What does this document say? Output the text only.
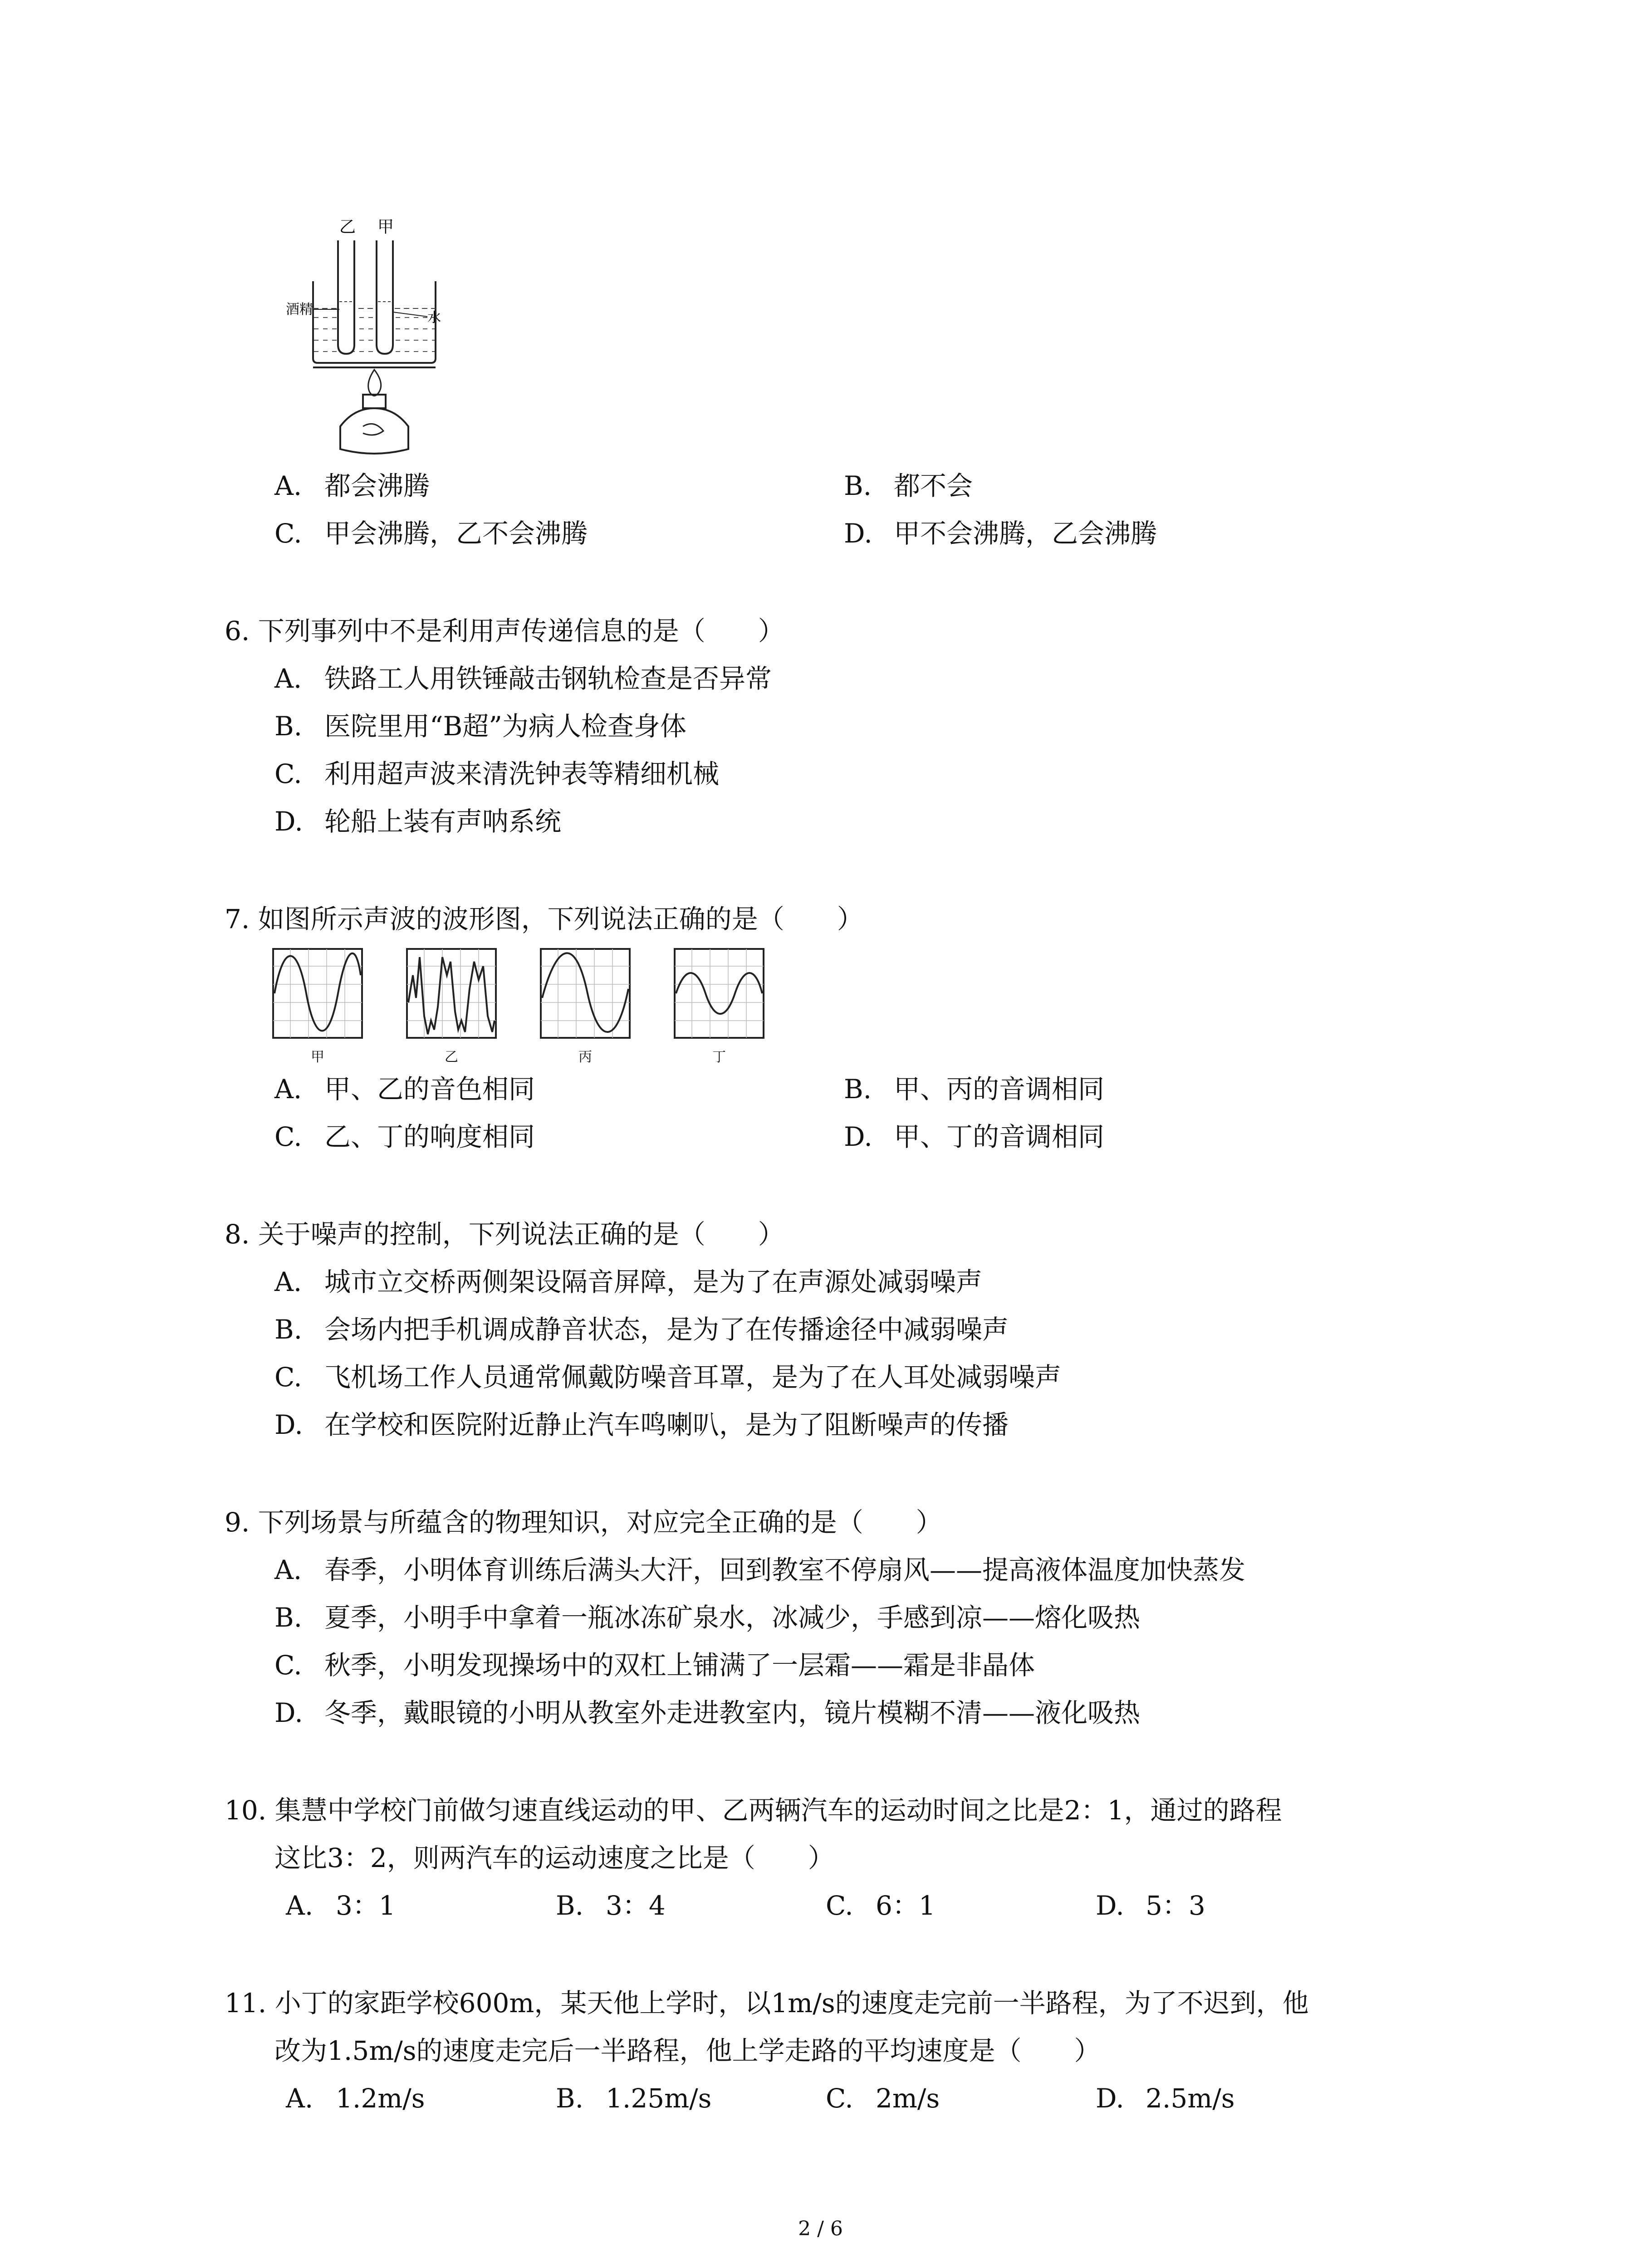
乙 甲
酒精
水
A. 都会沸腾	B. 都不会
C. 甲会沸腾，乙不会沸腾	D. 甲不会沸腾，乙会沸腾
6. 下列事列中不是利用声传递信息的是（　　）
A. 铁路工人用铁锤敲击钢轨检查是否异常
B. 医院里用“B超”为病人检查身体
C. 利用超声波来清洗钟表等精细机械
D. 轮船上装有声呐系统
7. 如图所示声波的波形图，下列说法正确的是（　　）
甲	乙	丙	丁
A. 甲、乙的音色相同	B. 甲、丙的音调相同
C. 乙、丁的响度相同	D. 甲、丁的音调相同
8. 关于噪声的控制，下列说法正确的是（　　）
A. 城市立交桥两侧架设隔音屏障，是为了在声源处减弱噪声
B. 会场内把手机调成静音状态，是为了在传播途径中减弱噪声
C. 飞机场工作人员通常佩戴防噪音耳罩，是为了在人耳处减弱噪声
D. 在学校和医院附近静止汽车鸣喇叭，是为了阻断噪声的传播
9. 下列场景与所蕴含的物理知识，对应完全正确的是（　　）
A. 春季，小明体育训练后满头大汗，回到教室不停扇风——提高液体温度加快蒸发
B. 夏季，小明手中拿着一瓶冰冻矿泉水，冰减少，手感到凉——熔化吸热
C. 秋季，小明发现操场中的双杠上铺满了一层霜——霜是非晶体
D. 冬季，戴眼镜的小明从教室外走进教室内，镜片模糊不清——液化吸热
10. 集慧中学校门前做匀速直线运动的甲、乙两辆汽车的运动时间之比是2：1，通过的路程
这比3：2，则两汽车的运动速度之比是（　　）
A. 3：1	B. 3：4	C. 6：1	D. 5：3
11. 小丁的家距学校600m，某天他上学时，以1m/s的速度走完前一半路程，为了不迟到，他
改为1.5m/s的速度走完后一半路程，他上学走路的平均速度是（　　）
A. 1.2m/s	B. 1.25m/s	C. 2m/s	D. 2.5m/s
2 / 6
